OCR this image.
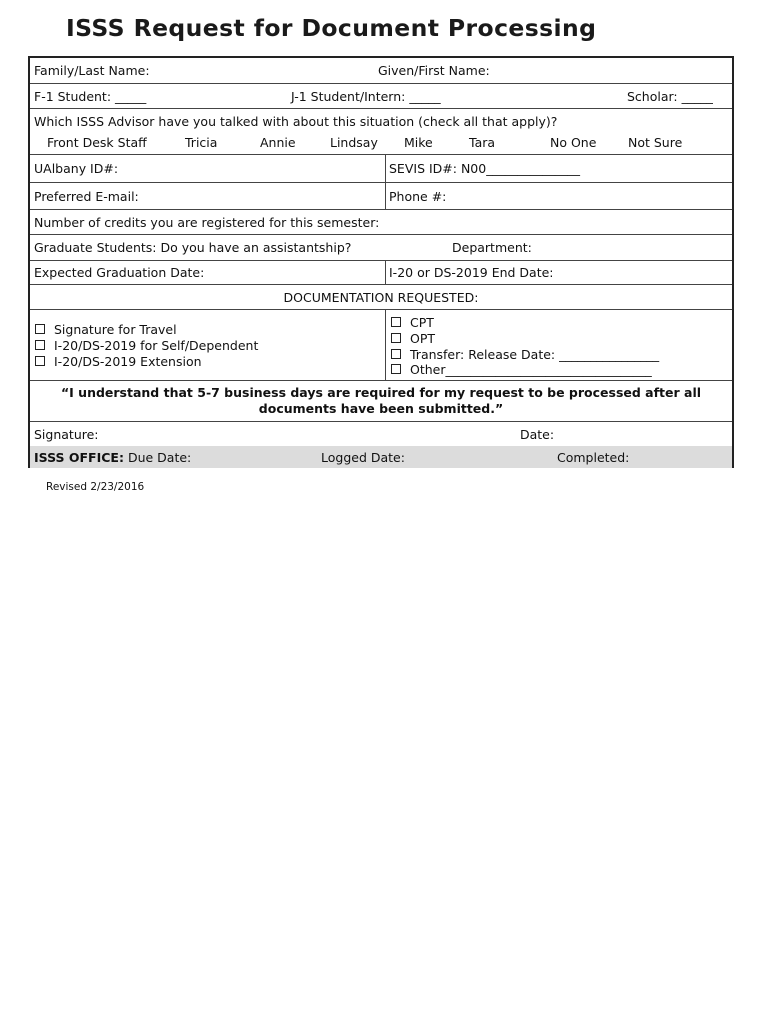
ISSS Request for Document Processing
Family/Last Name:	Given/First Name:
F-1 Student: _____	J-1 Student/Intern: _____	Scholar: _____
Which ISSS Advisor have you talked with about this situation (check all that apply)?
Front Desk Staff	Tricia	Annie	Lindsay Mike	Tara	No One	Not Sure
UAlbany ID#:	SEVIS ID#: N00_______________
Preferred E-mail:	Phone #:
Number of credits you are registered for this semester:
Graduate Students: Do you have an assistantship?	Department:
Expected Graduation Date:	I-20 or DS-2019 End Date:
DOCUMENTATION REQUESTED:
Signature for Travel
I-20/DS-2019 for Self/Dependent
I-20/DS-2019 Extension
CPT
OPT
Transfer: Release Date: ________________
Other_________________________________
“I understand that 5-7 business days are required for my request to be processed after all
documents have been submitted.”
Signature:	Date:
ISSS OFFICE: Due Date:	Logged Date:	Completed:
Revised 2/23/2016
